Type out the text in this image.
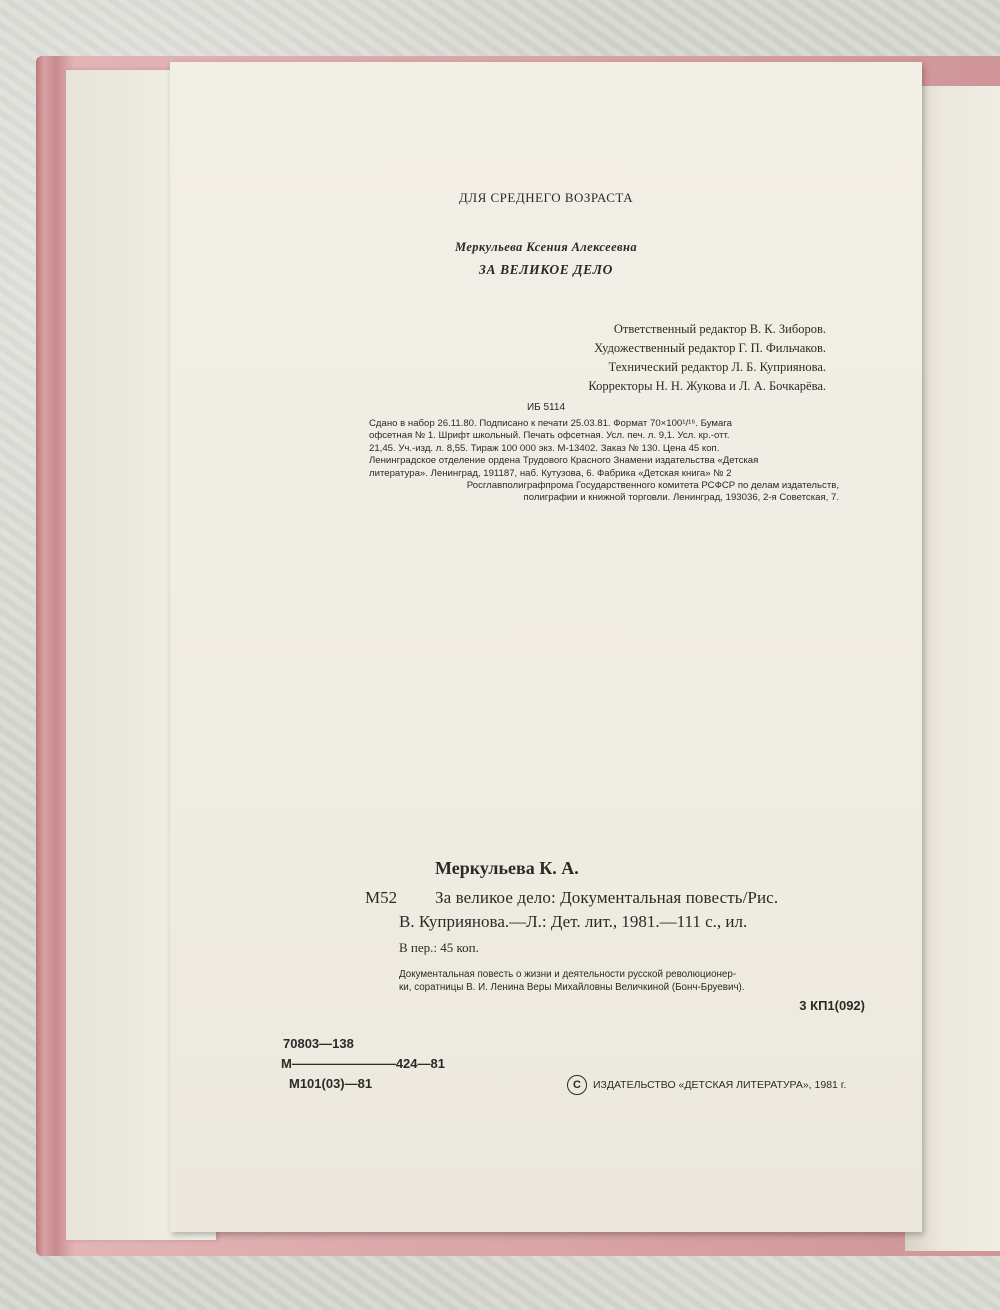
ДЛЯ СРЕДНЕГО ВОЗРАСТА
Меркульева Ксения Алексеевна
ЗА ВЕЛИКОЕ ДЕЛО
Ответственный редактор В. К. Зиборов.
Художественный редактор Г. П. Фильчаков.
Технический редактор Л. Б. Куприянова.
Корректоры Н. Н. Жукова и Л. А. Бочкарёва.
ИБ 5114
Сдано в набор 26.11.80. Подписано к печати 25.03.81. Формат 70×100¹/¹⁶. Бумага
офсетная № 1. Шрифт школьный. Печать офсетная. Усл. печ. л. 9,1. Усл. кр.-отт.
21,45. Уч.-изд. л. 8,55. Тираж 100 000 экз. М-13402. Заказ № 130. Цена 45 коп.
Ленинградское отделение ордена Трудового Красного Знамени издательства «Детская
литература». Ленинград, 191187, наб. Кутузова, 6. Фабрика «Детская книга» № 2
Росглавполиграфпрома Государственного комитета РСФСР по делам издательств,
полиграфии и книжной торговли. Ленинград, 193036, 2-я Советская, 7.
Меркульева К. А.
М52 За великое дело: Документальная повесть/Рис.
В. Куприянова.—Л.: Дет. лит., 1981.—111 с., ил.
В пер.: 45 коп.
Документальная повесть о жизни и деятельности русской революционер-
ки, соратницы В. И. Ленина Веры Михайловны Величкиной (Бонч-Бруевич).
3 КП1(092)
70803—138
М————————424—81
М101(03)—81	C	ИЗДАТЕЛЬСТВО «ДЕТСКАЯ ЛИТЕРАТУРА», 1981 г.
